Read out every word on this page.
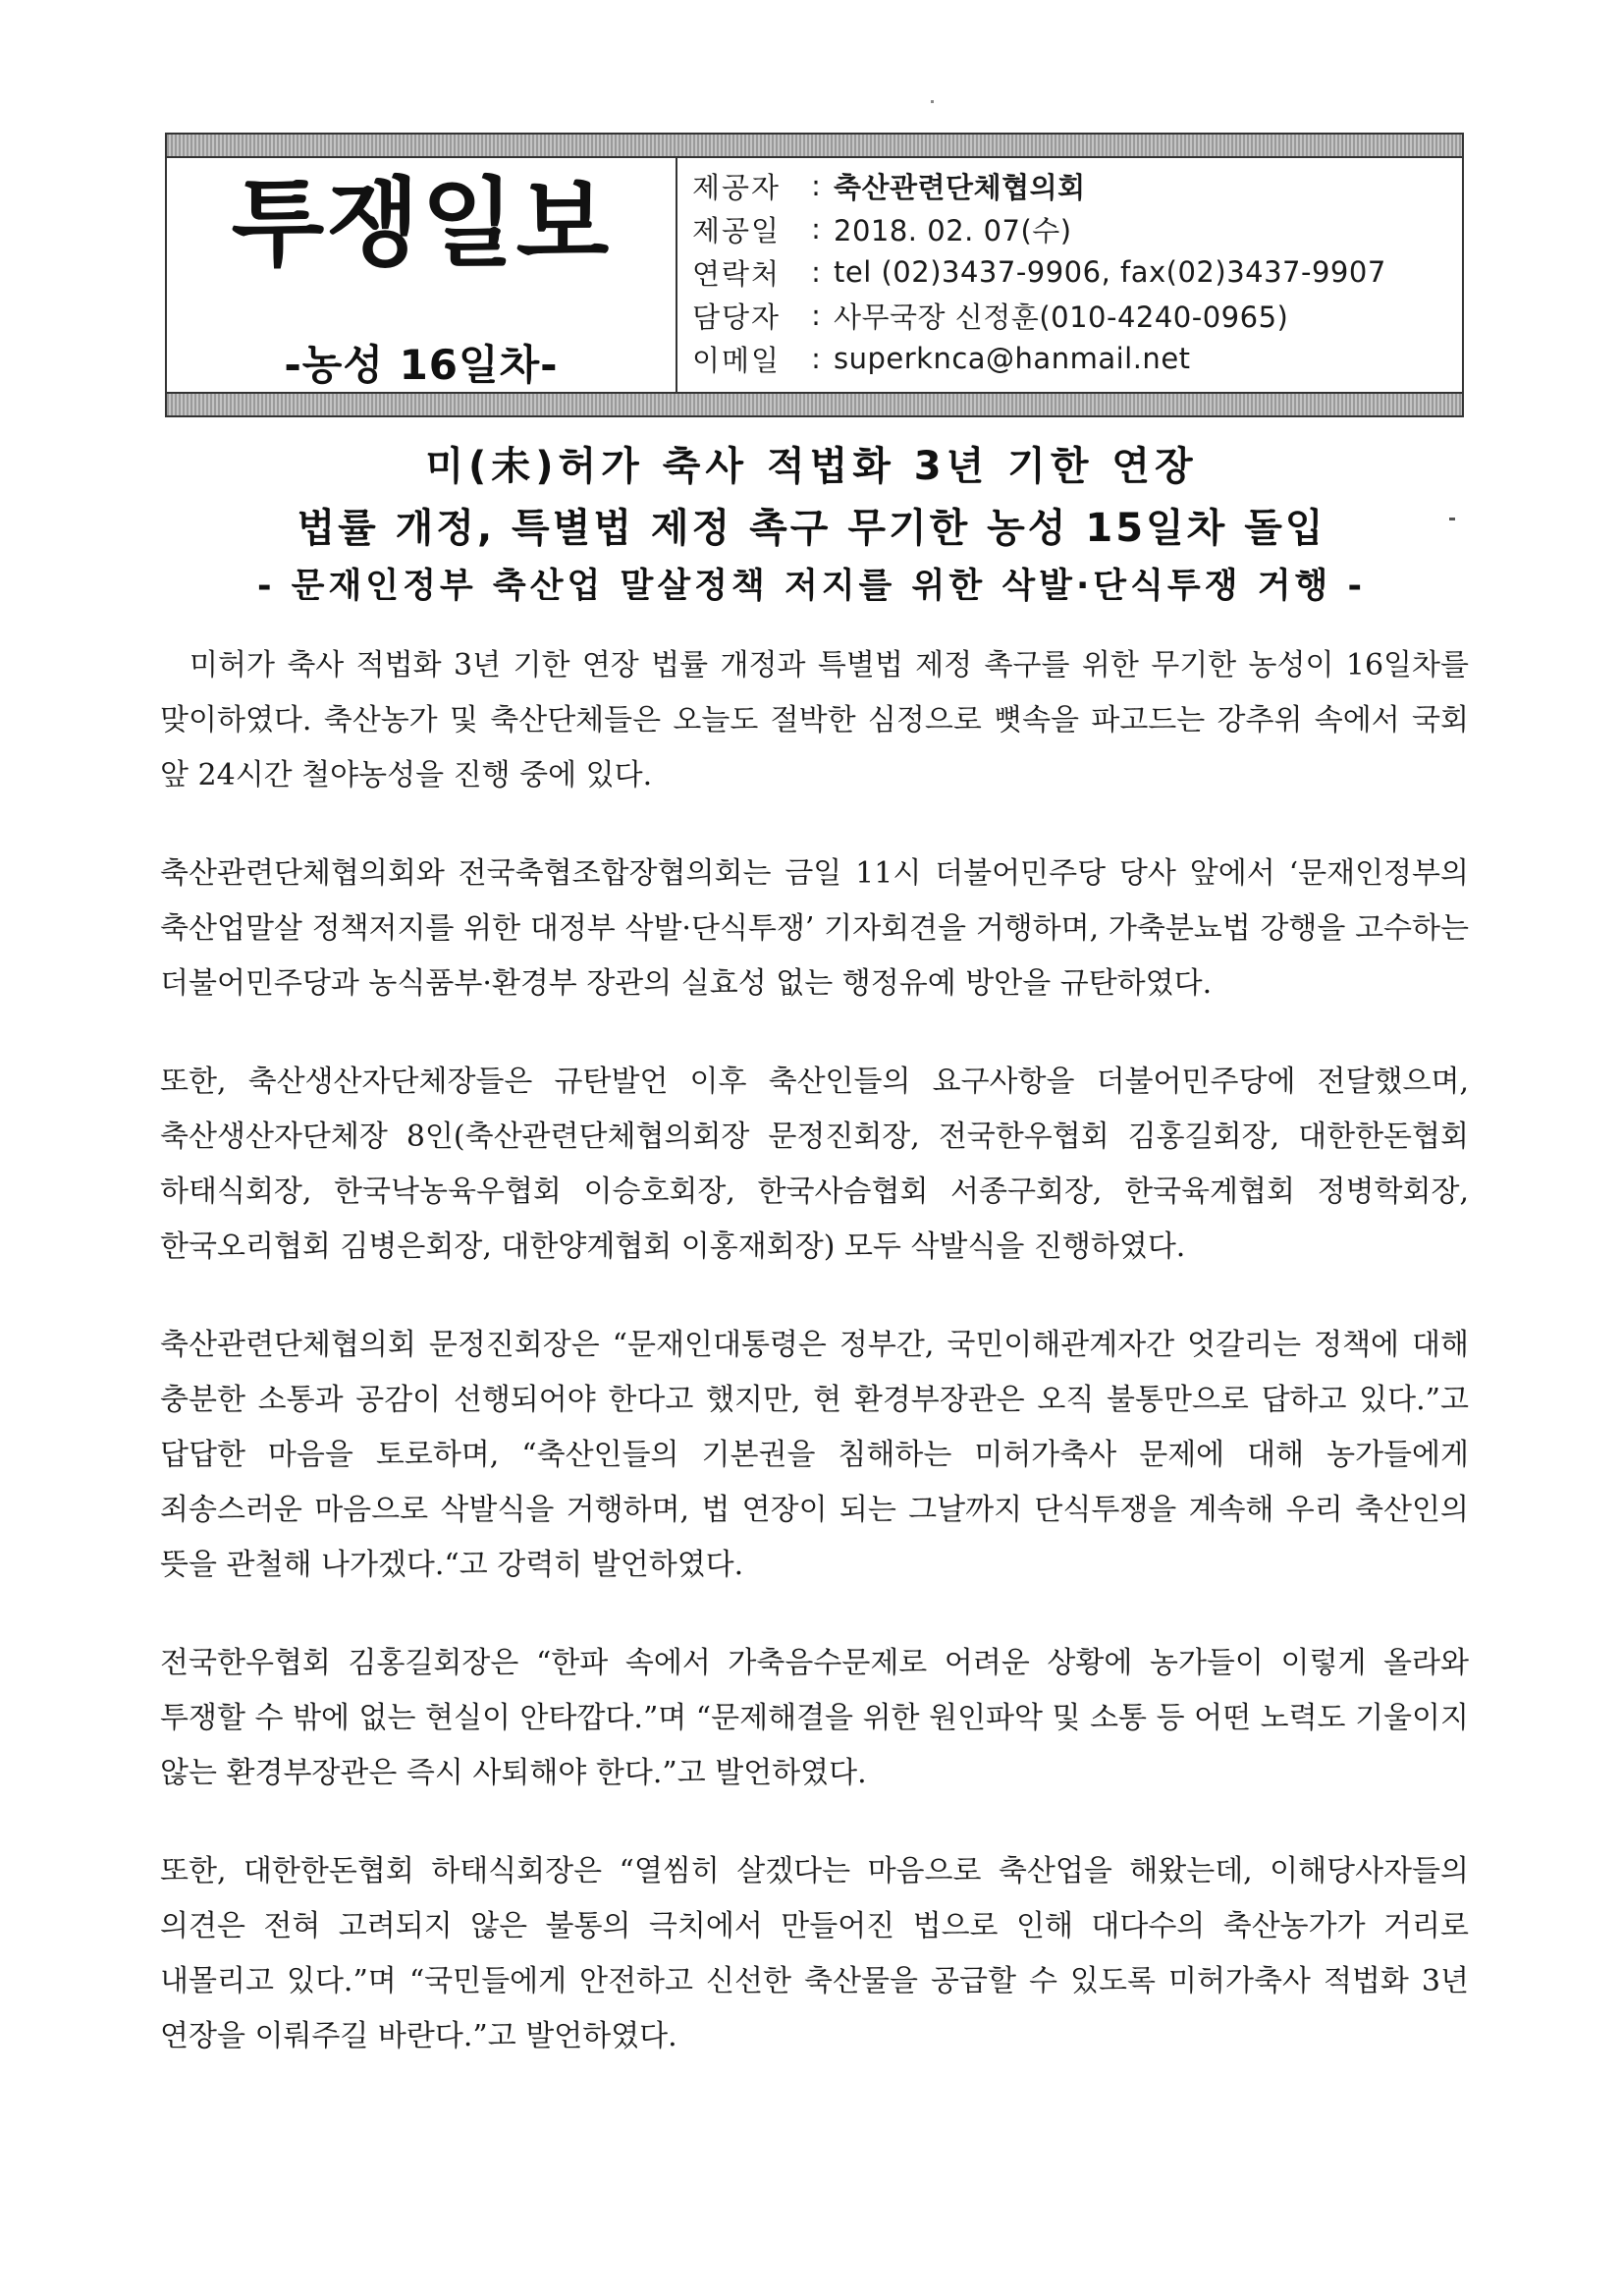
투쟁일보
-농성 16일차-
제공자	: 축산관련단체협의회
제공일	: 2018. 02. 07(수)
연락처	: tel (02)3437-9906, fax(02)3437-9907
담당자	: 사무국장 신정훈(010-4240-0965)
이메일	: superknca@hanmail.net
미(未)허가 축사 적법화 3년 기한 연장
법률 개정, 특별법 제정 촉구 무기한 농성 15일차 돌입
- 문재인정부 축산업 말살정책 저지를 위한 삭발·단식투쟁 거행 -

미허가 축사 적법화 3년 기한 연장 법률 개정과 특별법 제정 촉구를 위한 무기한 농성이 16일차를 맞이하였다. 축산농가 및 축산단체들은 오늘도 절박한 심정으로 뼛속을 파고드는 강추위 속에서 국회 앞 24시간 철야농성을 진행 중에 있다.

축산관련단체협의회와 전국축협조합장협의회는 금일 11시 더불어민주당 당사 앞에서 ‘문재인정부의 축산업말살 정책저지를 위한 대정부 삭발·단식투쟁’ 기자회견을 거행하며, 가축분뇨법 강행을 고수하는 더불어민주당과 농식품부·환경부 장관의 실효성 없는 행정유예 방안을 규탄하였다.

또한, 축산생산자단체장들은 규탄발언 이후 축산인들의 요구사항을 더불어민주당에 전달했으며, 축산생산자단체장 8인(축산관련단체협의회장 문정진회장, 전국한우협회 김홍길회장, 대한한돈협회 하태식회장, 한국낙농육우협회 이승호회장, 한국사슴협회 서종구회장, 한국육계협회 정병학회장, 한국오리협회 김병은회장, 대한양계협회 이홍재회장) 모두 삭발식을 진행하였다.

축산관련단체협의회 문정진회장은 “문재인대통령은 정부간, 국민이해관계자간 엇갈리는 정책에 대해 충분한 소통과 공감이 선행되어야 한다고 했지만, 현 환경부장관은 오직 불통만으로 답하고 있다.”고 답답한 마음을 토로하며, “축산인들의 기본권을 침해하는 미허가축사 문제에 대해 농가들에게 죄송스러운 마음으로 삭발식을 거행하며, 법 연장이 되는 그날까지 단식투쟁을 계속해 우리 축산인의 뜻을 관철해 나가겠다.“고 강력히 발언하였다.

전국한우협회 김홍길회장은 “한파 속에서 가축음수문제로 어려운 상황에 농가들이 이렇게 올라와 투쟁할 수 밖에 없는 현실이 안타깝다.”며 “문제해결을 위한 원인파악 및 소통 등 어떤 노력도 기울이지 않는 환경부장관은 즉시 사퇴해야 한다.”고 발언하였다.

또한, 대한한돈협회 하태식회장은 “열씸히 살겠다는 마음으로 축산업을 해왔는데, 이해당사자들의 의견은 전혀 고려되지 않은 불통의 극치에서 만들어진 법으로 인해 대다수의 축산농가가 거리로 내몰리고 있다.”며 “국민들에게 안전하고 신선한 축산물을 공급할 수 있도록 미허가축사 적법화 3년 연장을 이뤄주길 바란다.”고 발언하였다.
